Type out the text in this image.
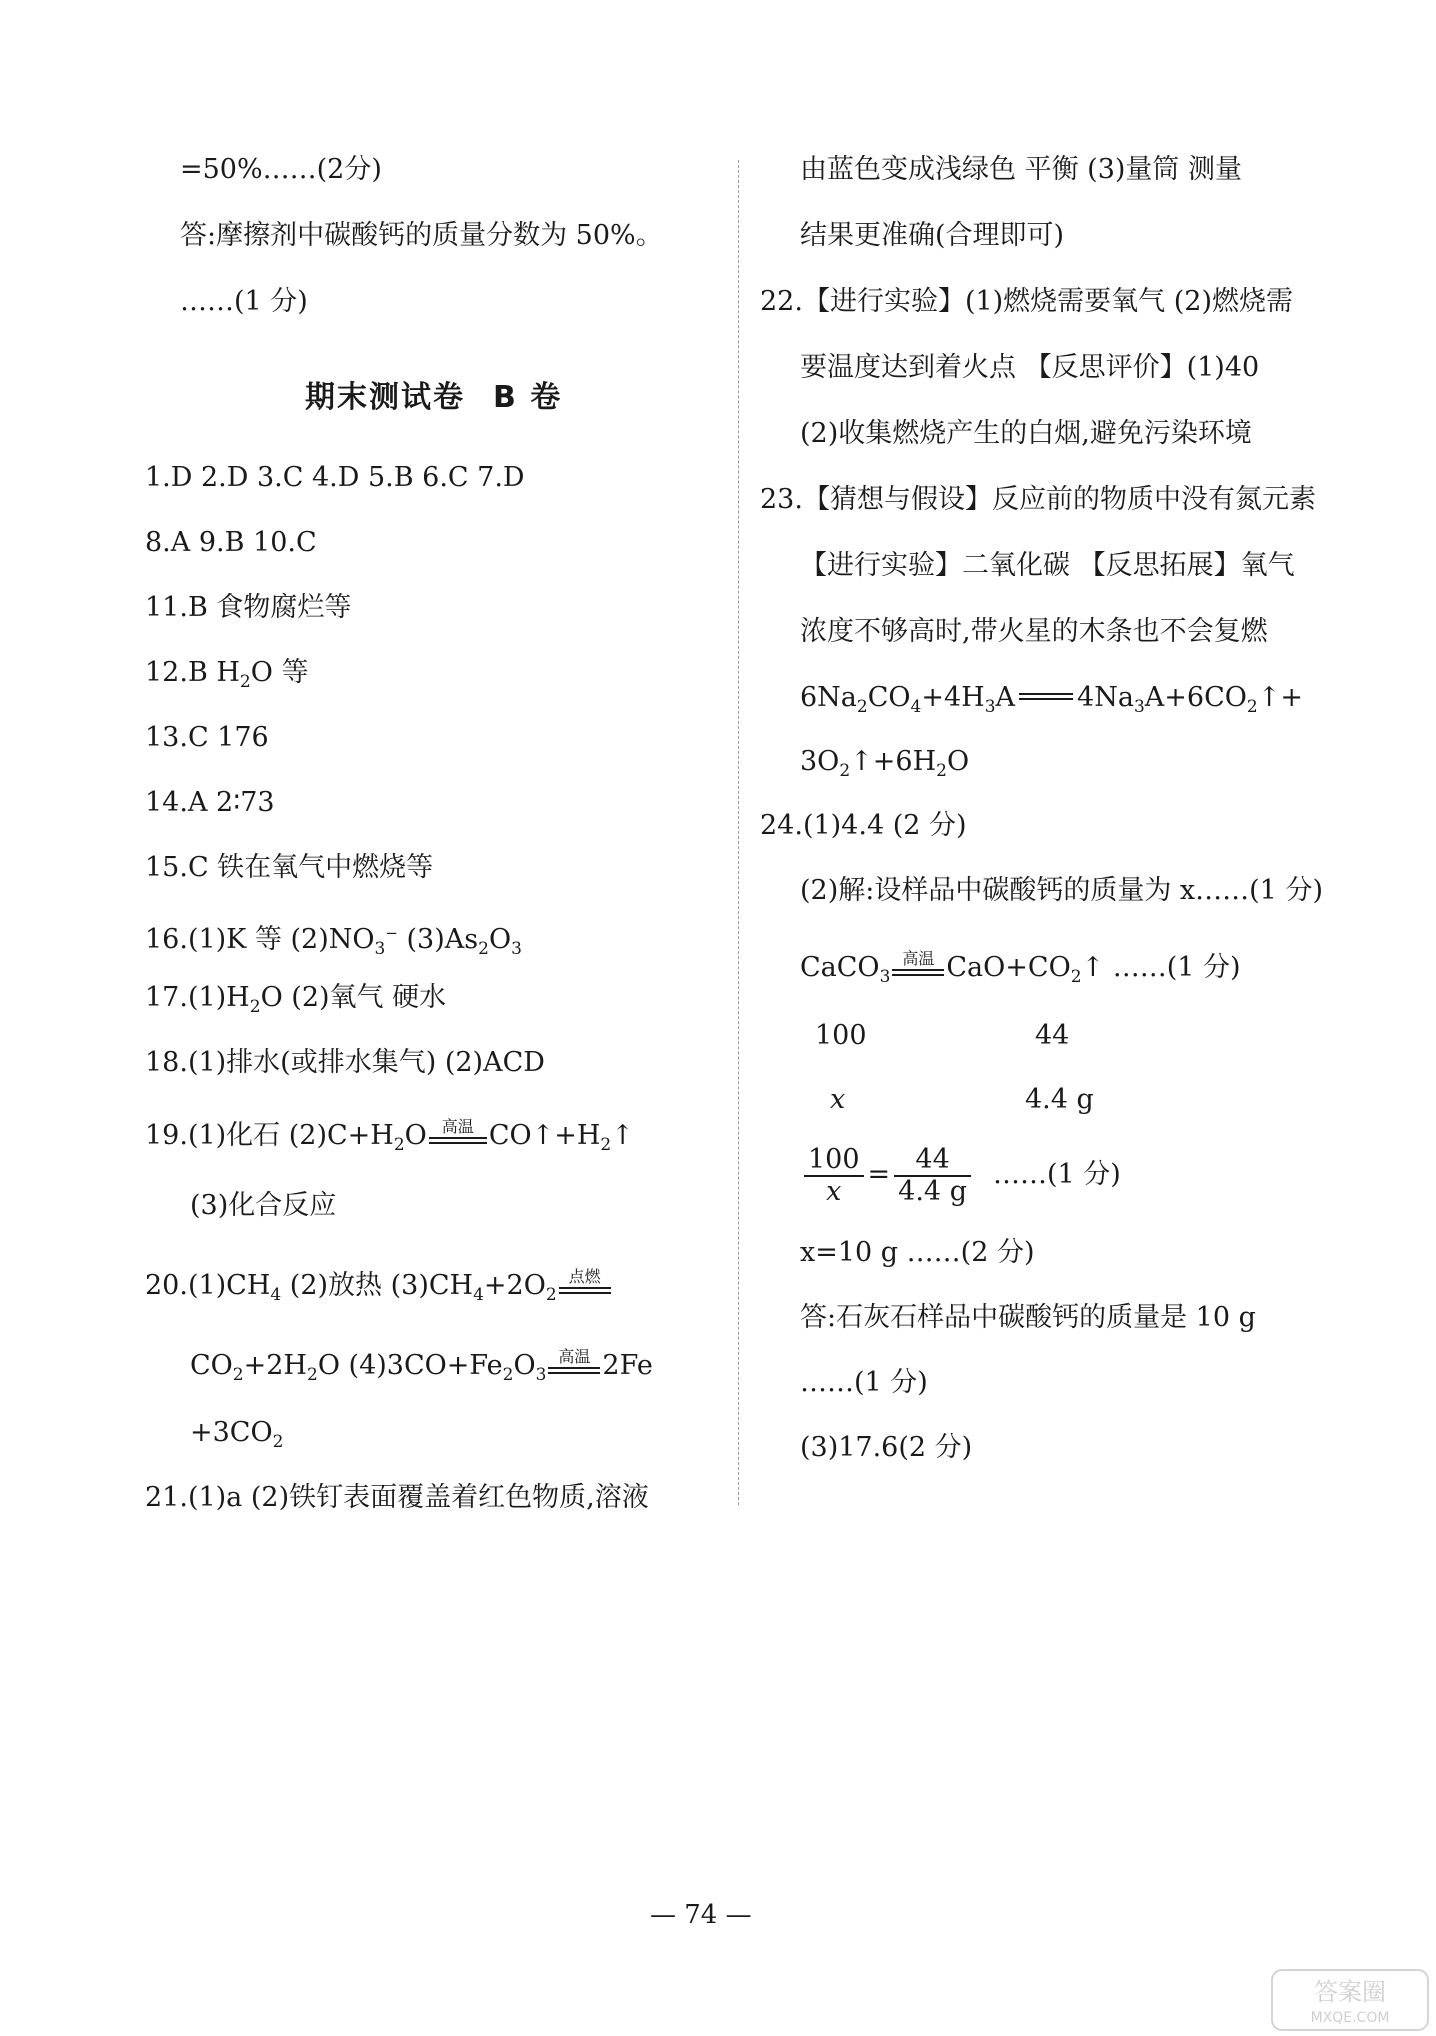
=50%……(2分)
答:摩擦剂中碳酸钙的质量分数为 50%。
……(1 分)
期末测试卷 B 卷
1.D 2.D 3.C 4.D 5.B 6.C 7.D
8.A 9.B 10.C
11.B 食物腐烂等
12.B $H_2O$ 等
13.C 176
14.A 2∶73
15.C 铁在氧气中燃烧等
16.(1)K 等 $(2)NO_3^-$ $(3)As_2O_3$
$17.(1)H_2O$ (2)氧气 硬水
18.(1)排水(或排水集气) (2)ACD
19.(1)化石 $(2)C+H_2O$ 高温 $CO↑+H_2↑$
(3)化合反应
$20.(1)CH_4$ (2)放热 $(3)CH_4+2O_2$
点燃
$CO_2+2H_2O$ $(4)3CO+Fe_2O_3$
高温 2Fe
$+3CO_2$
21.(1)a (2)铁钉表面覆盖着红色物质,溶液
由蓝色变成浅绿色 平衡 (3)量筒 测量
结果更准确(合理即可)
22.【进行实验】(1)燃烧需要氧气 (2)燃烧需
要温度达到着火点 【反思评价】(1)40
(2)收集燃烧产生的白烟,避免污染环境
23.【猜想与假设】反应前的物质中没有氮元素
【进行实验】二氧化碳 【反思拓展】氧气
浓度不够高时,带火星的木条也不会复燃
$6Na_2CO_4+4H_3A$ $4Na_3A+6CO_2↑+$
$3O_2↑+6H_2O$
24.(1)4.4 (2 分)
(2)解:设样品中碳酸钙的质量为 x……(1 分)
CaCO$_3$
高温 $CaO+CO_2↑$ ……(1 分)
100	44
x	4.4 g
$\frac{100}{x} = \frac{44}{4.4 g}$ ……(1 分)
x=10 g ……(2 分)
答:石灰石样品中碳酸钙的质量是 10 g
……(1 分)
(3)17.6(2 分)
— 74 —
答案圈
MXQE.COM
